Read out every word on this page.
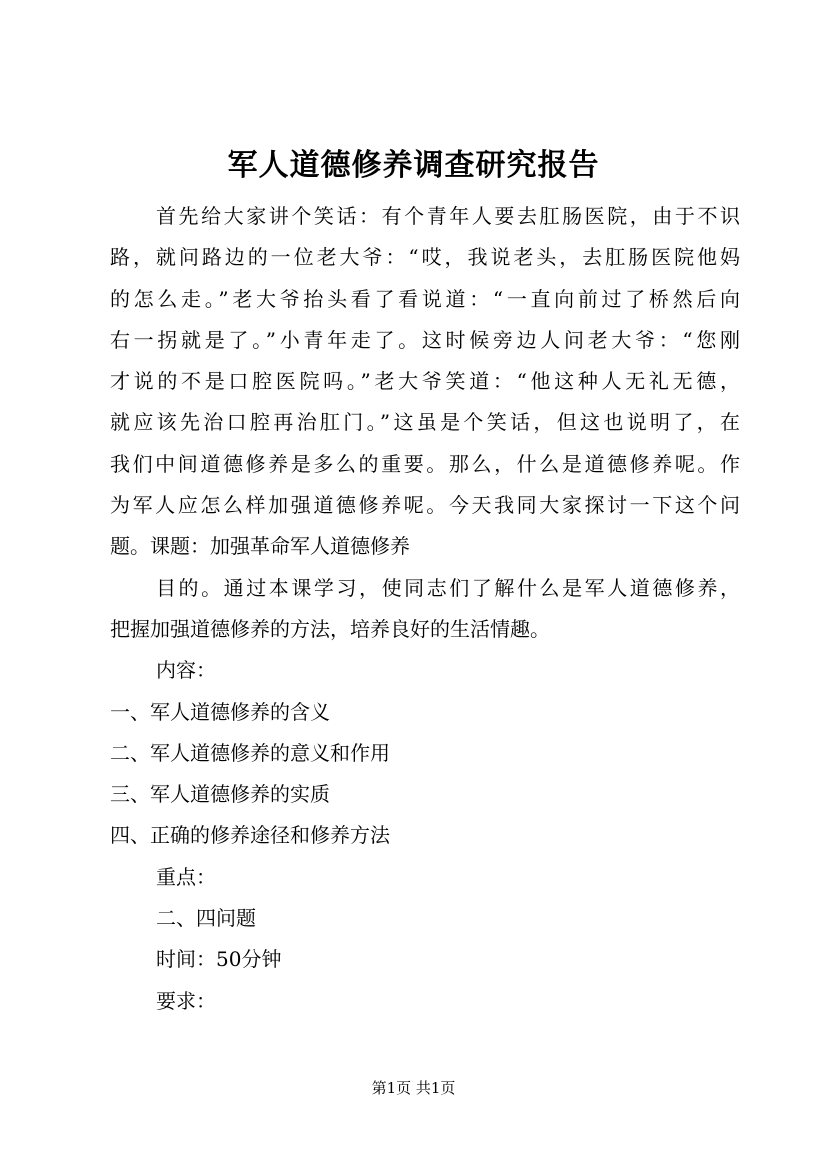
军人道德修养调查研究报告
首先给大家讲个笑话：有个青年人要去肛肠医院，由于不识
路，就问路边的一位老大爷：“哎，我说老头，去肛肠医院他妈
的怎么走。”老大爷抬头看了看说道：“一直向前过了桥然后向
右一拐就是了。”小青年走了。这时候旁边人问老大爷：“您刚
才说的不是口腔医院吗。”老大爷笑道：“他这种人无礼无德，
就应该先治口腔再治肛门。”这虽是个笑话，但这也说明了，在
我们中间道德修养是多么的重要。那么，什么是道德修养呢。作
为军人应怎么样加强道德修养呢。今天我同大家探讨一下这个问
题。课题：加强革命军人道德修养
目的。通过本课学习，使同志们了解什么是军人道德修养，
把握加强道德修养的方法，培养良好的生活情趣。
内容：
一、军人道德修养的含义
二、军人道德修养的意义和作用
三、军人道德修养的实质
四、正确的修养途径和修养方法
重点：
二、四问题
时间：50分钟
要求：
第1页 共1页
